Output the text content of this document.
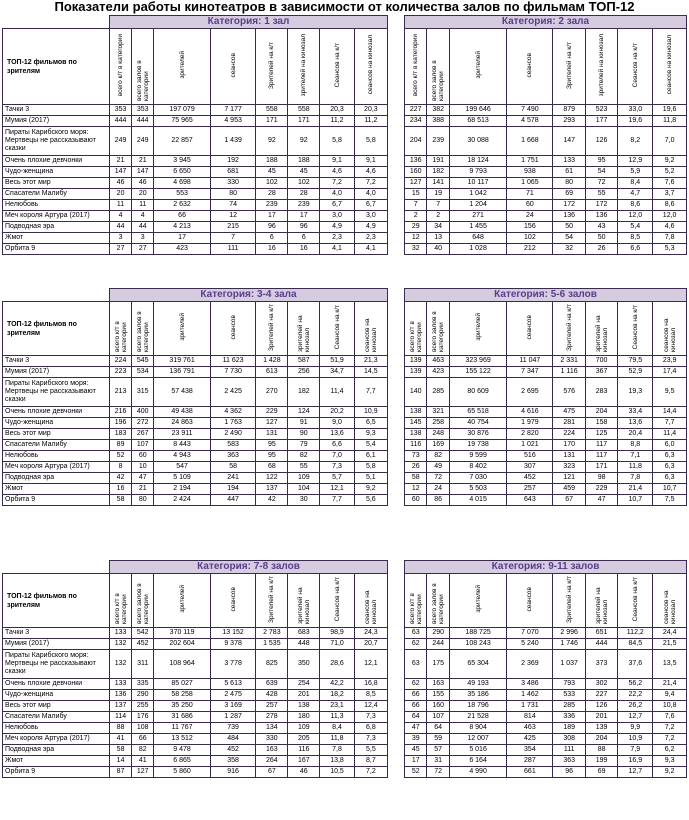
Показатели работы кинотеатров в зависимости от количества залов по фильмам ТОП-12
	Категория: 1 зал							
ТОП-12 фильмов по зрителям	всего к/т в категории	всего залов в категории	зрителей	сеансов	Зрителей на к/т	зрителей на кинозал	Сеансов на к/т	сеансов на кинозал
Тачки 3	353	353	197 079	7 177	558	558	20,3	20,3
Мумия (2017)	444	444	75 965	4 953	171	171	11,2	11,2
Пираты Карибского моря: Мертвецы не рассказывают сказки	249	249	22 857	1 439	92	92	5,8	5,8
Очень плохие девчонки	21	21	3 945	192	188	188	9,1	9,1
Чудо-женщина	147	147	6 650	681	45	45	4,6	4,6
Весь этот мир	46	46	4 698	330	102	102	7,2	7,2
Спасатели Малибу	20	20	553	80	28	28	4,0	4,0
Нелюбовь	11	11	2 632	74	239	239	6,7	6,7
Меч короля Артура (2017)	4	4	66	12	17	17	3,0	3,0
Подводная эра	44	44	4 213	215	96	96	4,9	4,9
Жмот	3	3	17	7	6	6	2,3	2,3
Орбита 9	27	27	423	111	16	16	4,1	4,1
Категория: 2 зала							
всего к/т в категории	всего залов в категории	зрителей	сеансов	Зрителей на к/т	зрителей на кинозал	Сеансов на к/т	сеансов на кинозал
227	382	199 646	7 490	879	523	33,0	19,6
234	388	68 513	4 578	293	177	19,6	11,8
204	239	30 088	1 668	147	126	8,2	7,0
136	191	18 124	1 751	133	95	12,9	9,2
160	182	9 793	938	61	54	5,9	5,2
127	141	10 117	1 065	80	72	8,4	7,6
15	19	1 042	71	69	55	4,7	3,7
7	7	1 204	60	172	172	8,6	8,6
2	2	271	24	136	136	12,0	12,0
29	34	1 455	156	50	43	5,4	4,6
12	13	648	102	54	50	8,5	7,8
32	40	1 028	212	32	26	6,6	5,3
	Категория: 3-4 зала							
ТОП-12 фильмов по зрителям	всего к/т в категории	всего залов в категории	зрителей	сеансов	Зрителей на к/т	зрителей на кинозал	Сеансов на к/т	сеансов на кинозал
Тачки 3	224	545	319 761	11 623	1 428	587	51,9	21,3
Мумия (2017)	223	534	136 791	7 730	613	256	34,7	14,5
Пираты Карибского моря: Мертвецы не рассказывают сказки	213	315	57 438	2 425	270	182	11,4	7,7
Очень плохие девчонки	216	400	49 438	4 362	229	124	20,2	10,9
Чудо-женщина	196	272	24 863	1 763	127	91	9,0	6,5
Весь этот мир	183	267	23 911	2 490	131	90	13,6	9,3
Спасатели Малибу	89	107	8 443	583	95	79	6,6	5,4
Нелюбовь	52	60	4 943	363	95	82	7,0	6,1
Меч короля Артура (2017)	8	10	547	58	68	55	7,3	5,8
Подводная эра	42	47	5 109	241	122	109	5,7	5,1
Жмот	16	21	2 194	194	137	104	12,1	9,2
Орбита 9	58	80	2 424	447	42	30	7,7	5,6
Категория: 5-6 залов							
всего к/т в категории	всего залов в категории	зрителей	сеансов	Зрителей на к/т	зрителей на кинозал	Сеансов на к/т	сеансов на кинозал
139	463	323 969	11 047	2 331	700	79,5	23,9
139	423	155 122	7 347	1 116	367	52,9	17,4
140	285	80 609	2 695	576	283	19,3	9,5
138	321	65 518	4 616	475	204	33,4	14,4
145	258	40 754	1 979	281	158	13,6	7,7
138	248	30 876	2 820	224	125	20,4	11,4
116	169	19 738	1 021	170	117	8,8	6,0
73	82	9 599	516	131	117	7,1	6,3
26	49	8 402	307	323	171	11,8	6,3
58	72	7 030	452	121	98	7,8	6,3
12	24	5 503	257	459	229	21,4	10,7
60	86	4 015	643	67	47	10,7	7,5
	Категория: 7-8 залов							
ТОП-12 фильмов по зрителям	всего к/т в категории	всего залов в категории	зрителей	сеансов	Зрителей на к/т	зрителей на кинозал	Сеансов на к/т	сеансов на кинозал
Тачки 3	133	542	370 119	13 152	2 783	683	98,9	24,3
Мумия (2017)	132	452	202 604	9 378	1 535	448	71,0	20,7
Пираты Карибского моря: Мертвецы не рассказывают сказки	132	311	108 964	3 778	825	350	28,6	12,1
Очень плохие девчонки	133	335	85 027	5 613	639	254	42,2	16,8
Чудо-женщина	136	290	58 258	2 475	428	201	18,2	8,5
Весь этот мир	137	255	35 250	3 169	257	138	23,1	12,4
Спасатели Малибу	114	176	31 686	1 287	278	180	11,3	7,3
Нелюбовь	88	108	11 767	739	134	109	8,4	6,8
Меч короля Артура (2017)	41	66	13 512	484	330	205	11,8	7,3
Подводная эра	58	82	9 478	452	163	116	7,8	5,5
Жмот	14	41	6 865	358	264	167	13,8	8,7
Орбита 9	87	127	5 860	916	67	46	10,5	7,2
Категория: 9-11 залов							
всего к/т в категории	всего залов в категории	зрителей	сеансов	Зрителей на к/т	зрителей на кинозал	Сеансов на к/т	сеансов на кинозал
63	290	188 725	7 070	2 996	651	112,2	24,4
62	244	108 243	5 240	1 746	444	84,5	21,5
63	175	65 304	2 369	1 037	373	37,6	13,5
62	163	49 193	3 486	793	302	56,2	21,4
66	155	35 186	1 462	533	227	22,2	9,4
66	160	18 796	1 731	285	126	26,2	10,8
64	107	21 528	814	336	201	12,7	7,6
47	64	8 904	463	189	139	9,9	7,2
39	59	12 007	425	308	204	10,9	7,2
45	57	5 016	354	111	88	7,9	6,2
17	31	6 164	287	363	199	16,9	9,3
52	72	4 990	661	96	69	12,7	9,2
